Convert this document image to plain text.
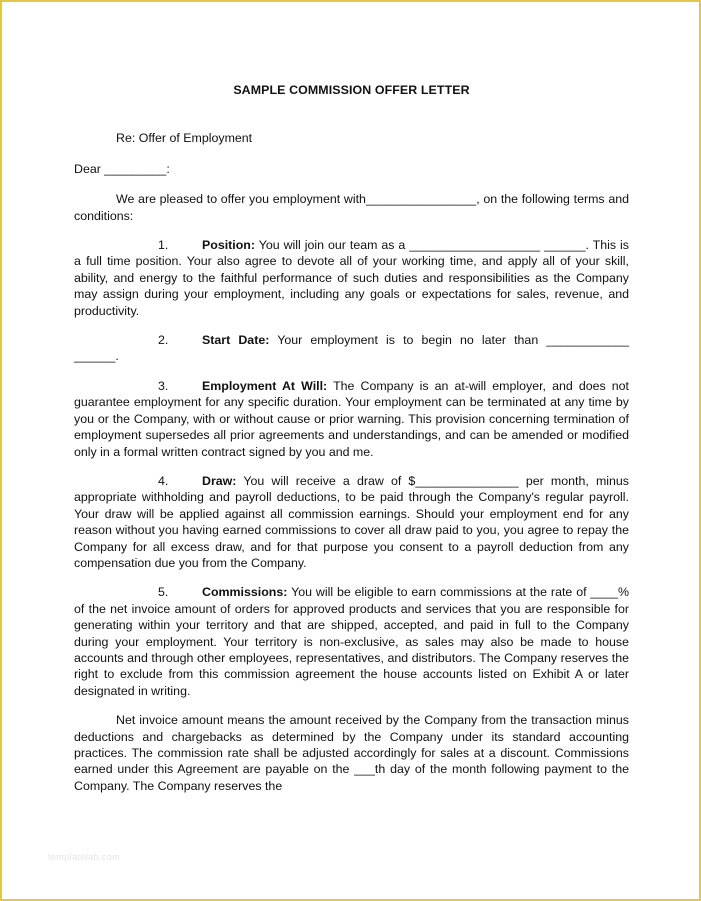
SAMPLE COMMISSION OFFER LETTER
Re: Offer of Employment
Dear _________:

We are pleased to offer you employment with________________, on the following terms and conditions:

1.	Position: You will join our team as a ___________________ ______. This is a full time position. Your also agree to devote all of your working time, and apply all of your skill, ability, and energy to the faithful performance of such duties and responsibilities as the Company may assign during your employment, including any goals or expectations for sales, revenue, and productivity.

2.	Start Date: Your employment is to begin no later than ____________ ______.

3.	Employment At Will: The Company is an at-will employer, and does not guarantee employment for any specific duration. Your employment can be terminated at any time by you or the Company, with or without cause or prior warning. This provision concerning termination of employment supersedes all prior agreements and understandings, and can be amended or modified only in a formal written contract signed by you and me.

4.	Draw: You will receive a draw of $_______________ per month, minus appropriate withholding and payroll deductions, to be paid through the Company's regular payroll. Your draw will be applied against all commission earnings. Should your employment end for any reason without you having earned commissions to cover all draw paid to you, you agree to repay the Company for all excess draw, and for that purpose you consent to a payroll deduction from any compensation due you from the Company.

5.	Commissions: You will be eligible to earn commissions at the rate of ____% of the net invoice amount of orders for approved products and services that you are responsible for generating within your territory and that are shipped, accepted, and paid in full to the Company during your employment. Your territory is non-exclusive, as sales may also be made to house accounts and through other employees, representatives, and distributors. The Company reserves the right to exclude from this commission agreement the house accounts listed on Exhibit A or later designated in writing.

Net invoice amount means the amount received by the Company from the transaction minus deductions and chargebacks as determined by the Company under its standard accounting practices. The commission rate shall be adjusted accordingly for sales at a discount. Commissions earned under this Agreement are payable on the ___th day of the month following payment to the Company. The Company reserves the

templatelab.com
